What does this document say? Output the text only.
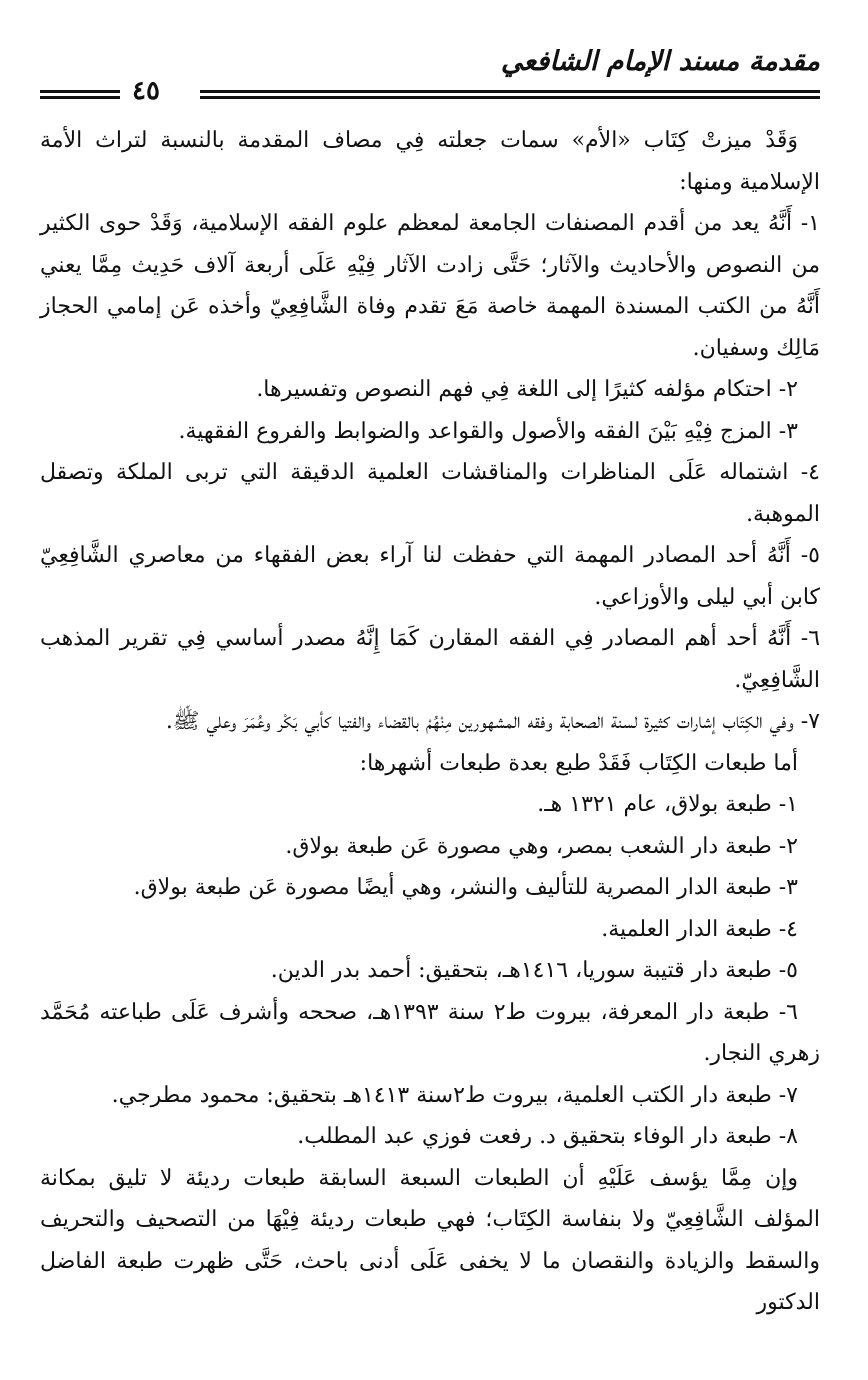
مقدمة مسند الإمام الشافعي
٤٥

وَقَدْ ميزتْ كِتَاب «الأم» سمات جعلته فِي مصاف المقدمة بالنسبة لتراث الأمة الإسلامية ومنها:

١- أَنَّهُ يعد من أقدم المصنفات الجامعة لمعظم علوم الفقه الإسلامية، وَقَدْ حوى الكثير من النصوص والأحاديث والآثار؛ حَتَّى زادت الآثار فِيْهِ عَلَى أربعة آلاف حَدِيث مِمَّا يعني أَنَّهُ من الكتب المسندة المهمة خاصة مَعَ تقدم وفاة الشَّافِعِيّ وأخذه عَن إمامي الحجاز مَالِك وسفيان.

٢- احتكام مؤلفه كثيرًا إلى اللغة فِي فهم النصوص وتفسيرها.

٣- المزج فِيْهِ بَيْنَ الفقه والأصول والقواعد والضوابط والفروع الفقهية.

٤- اشتماله عَلَى المناظرات والمناقشات العلمية الدقيقة التي تربى الملكة وتصقل الموهبة.

٥- أَنَّهُ أحد المصادر المهمة التي حفظت لنا آراء بعض الفقهاء من معاصري الشَّافِعِيّ كابن أبي ليلى والأوزاعي.

٦- أَنَّهُ أحد أهم المصادر فِي الفقه المقارن كَمَا إِنَّهُ مصدر أساسي فِي تقرير المذهب الشَّافِعِيّ.

٧- وفي الكِتَاب إشارات كثيرة لسنة الصحابة وفقه المشهورين مِنْهُمْ بالقضاء والفتيا كأبي بَكْر وعُمَرَ وعلي ﷺ.

أما طبعات الكِتَاب فَقَدْ طبع بعدة طبعات أشهرها:

١- طبعة بولاق، عام ١٣٢١ هـ.

٢- طبعة دار الشعب بمصر، وهي مصورة عَن طبعة بولاق.

٣- طبعة الدار المصرية للتأليف والنشر، وهي أيضًا مصورة عَن طبعة بولاق.

٤- طبعة الدار العلمية.

٥- طبعة دار قتيبة سوريا، ١٤١٦هـ، بتحقيق: أحمد بدر الدين.

٦- طبعة دار المعرفة، بيروت ط٢ سنة ١٣٩٣هـ، صححه وأشرف عَلَى طباعته مُحَمَّد زهري النجار.

٧- طبعة دار الكتب العلمية، بيروت ط٢سنة ١٤١٣هـ بتحقيق: محمود مطرجي.

٨- طبعة دار الوفاء بتحقيق د. رفعت فوزي عبد المطلب.

وإن مِمَّا يؤسف عَلَيْهِ أن الطبعات السبعة السابقة طبعات رديئة لا تليق بمكانة المؤلف الشَّافِعِيّ ولا بنفاسة الكِتَاب؛ فهي طبعات رديئة فِيْهَا من التصحيف والتحريف والسقط والزيادة والنقصان ما لا يخفى عَلَى أدنى باحث، حَتَّى ظهرت طبعة الفاضل الدكتور
